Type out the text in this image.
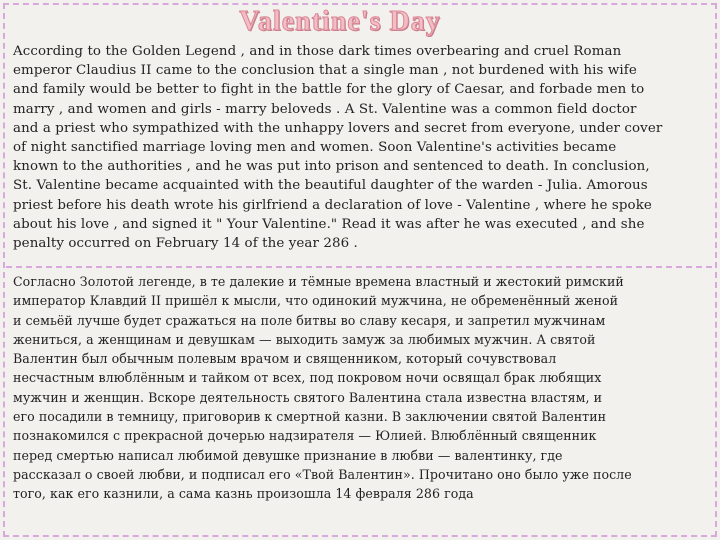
Valentine's Day
According to the Golden Legend , and in those dark times overbearing and cruel Roman
emperor Claudius II came to the conclusion that a single man , not burdened with his wife
and family would be better to fight in the battle for the glory of Caesar, and forbade men to
marry , and women and girls - marry beloveds . A St. Valentine was a common field doctor
and a priest who sympathized with the unhappy lovers and secret from everyone, under cover
of night sanctified marriage loving men and women. Soon Valentine's activities became
known to the authorities , and he was put into prison and sentenced to death. In conclusion,
St. Valentine became acquainted with the beautiful daughter of the warden - Julia. Amorous
priest before his death wrote his girlfriend a declaration of love - Valentine , where he spoke
about his love , and signed it " Your Valentine." Read it was after he was executed , and she
penalty occurred on February 14 of the year 286 .
Согласно Золотой легенде, в те далекие и тёмные времена властный и жестокий римский
император Клавдий II пришёл к мысли, что одинокий мужчина, не обременённый женой
и семьёй лучше будет сражаться на поле битвы во славу кесаря, и запретил мужчинам
жениться, а женщинам и девушкам — выходить замуж за любимых мужчин. А святой
Валентин был обычным полевым врачом и священником, который сочувствовал
несчастным влюблённым и тайком от всех, под покровом ночи освящал брак любящих
мужчин и женщин. Вскоре деятельность святого Валентина стала известна властям, и
его посадили в темницу, приговорив к смертной казни. В заключении святой Валентин
познакомился с прекрасной дочерью надзирателя — Юлией. Влюблённый священник
перед смертью написал любимой девушке признание в любви — валентинку, где
рассказал о своей любви, и подписал его «Твой Валентин». Прочитано оно было уже после
того, как его казнили, а сама казнь произошла 14 февраля 286 года
